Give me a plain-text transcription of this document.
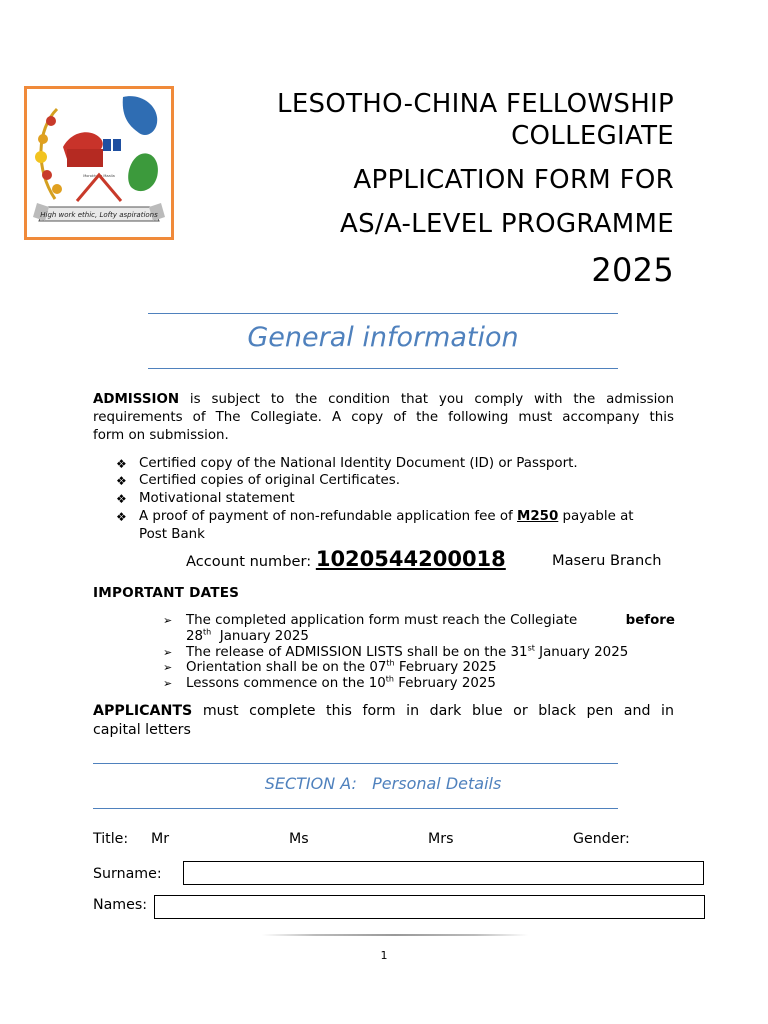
High work ethic, Lofty aspirations
Morokhoso Maalla
LESOTHO-CHINA FELLOWSHIP
COLLEGIATE
APPLICATION FORM FOR
AS/A-LEVEL PROGRAMME
2025
General information
ADMISSION is subject to the condition that you comply with the admission
requirements of The Collegiate. A copy of the following must accompany this
form on submission.
❖ Certified copy of the National Identity Document (ID) or Passport.
❖ Certified copies of original Certificates.
❖ Motivational statement
❖ A proof of payment of non-refundable application fee of M250 payable at
Post Bank
Account number: 1020544200018	Maseru Branch
IMPORTANT DATES
➢ The completed application form must reach the Collegiate	before
28th  January 2025
➢ The release of ADMISSION LISTS shall be on the 31st January 2025
➢ Orientation shall be on the 07th February 2025
➢ Lessons commence on the 10th February 2025
APPLICANTS must complete this form in dark blue or black pen and in
capital letters
SECTION A:   Personal Details
Title: Mr	Ms	Mrs	Gender:
Surname:
Names:
1
